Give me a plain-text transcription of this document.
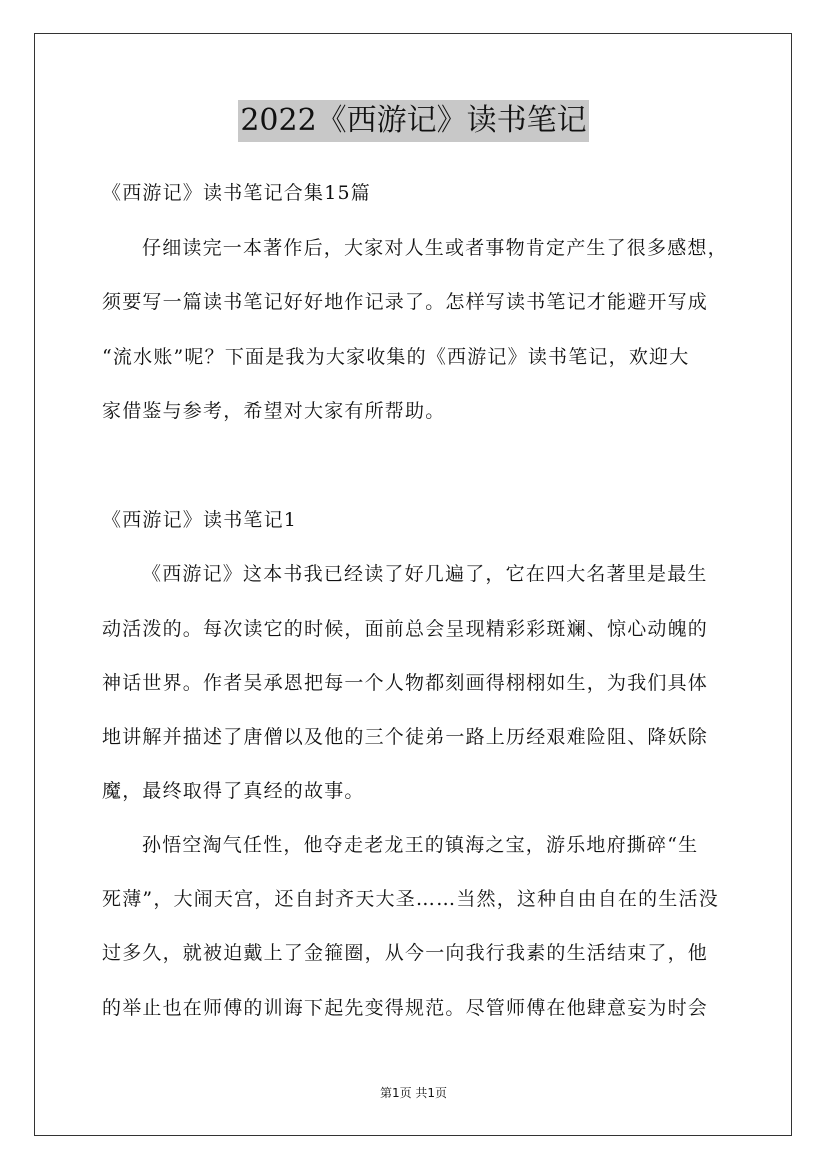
2022《西游记》读书笔记
《西游记》读书笔记合集15篇
仔细读完一本著作后，大家对人生或者事物肯定产生了很多感想，
须要写一篇读书笔记好好地作记录了。怎样写读书笔记才能避开写成
“流水账”呢？下面是我为大家收集的《西游记》读书笔记，欢迎大
家借鉴与参考，希望对大家有所帮助。
《西游记》读书笔记1
《西游记》这本书我已经读了好几遍了，它在四大名著里是最生
动活泼的。每次读它的时候，面前总会呈现精彩彩斑斓、惊心动魄的
神话世界。作者吴承恩把每一个人物都刻画得栩栩如生，为我们具体
地讲解并描述了唐僧以及他的三个徒弟一路上历经艰难险阻、降妖除
魔，最终取得了真经的故事。
孙悟空淘气任性，他夺走老龙王的镇海之宝，游乐地府撕碎“生
死薄”，大闹天宫，还自封齐天大圣……当然，这种自由自在的生活没
过多久，就被迫戴上了金箍圈，从今一向我行我素的生活结束了，他
的举止也在师傅的训诲下起先变得规范。尽管师傅在他肆意妄为时会
第1页 共1页
